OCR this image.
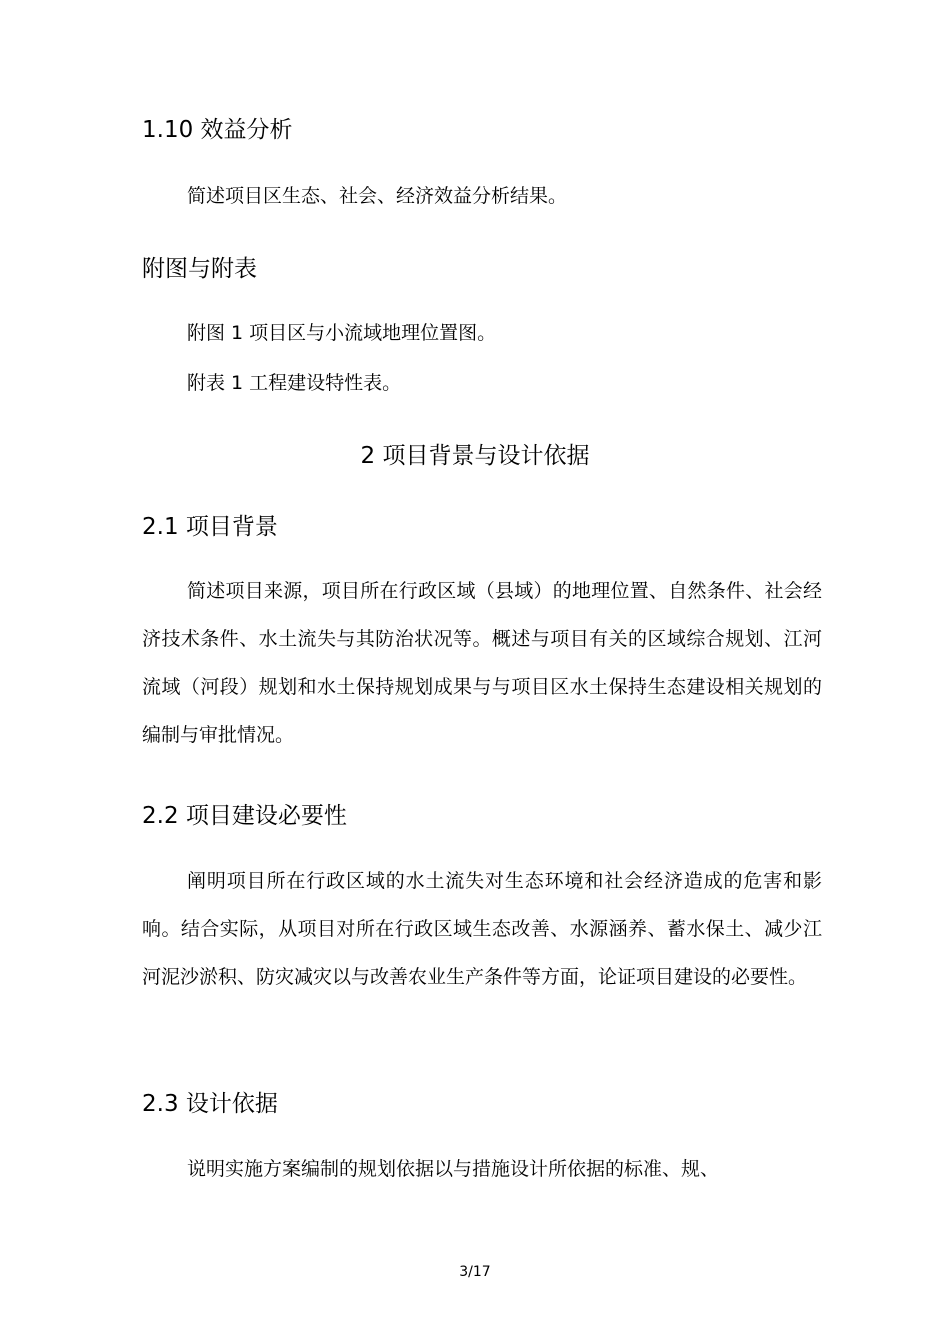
1.10 效益分析
简述项目区生态、社会、经济效益分析结果。
附图与附表
附图 1 项目区与小流域地理位置图。
附表 1 工程建设特性表。
2 项目背景与设计依据
2.1 项目背景

简述项目来源，项目所在行政区域（县域）的地理位置、自然条件、社会经济技术条件、水土流失与其防治状况等。概述与项目有关的区域综合规划、江河流域（河段）规划和水土保持规划成果与与项目区水土保持生态建设相关规划的编制与审批情况。

2.2 项目建设必要性

阐明项目所在行政区域的水土流失对生态环境和社会经济造成的危害和影响。结合实际，从项目对所在行政区域生态改善、水源涵养、蓄水保土、减少江河泥沙淤积、防灾减灾以与改善农业生产条件等方面，论证项目建设的必要性。

2.3 设计依据

说明实施方案编制的规划依据以与措施设计所依据的标准、规、

3/17
